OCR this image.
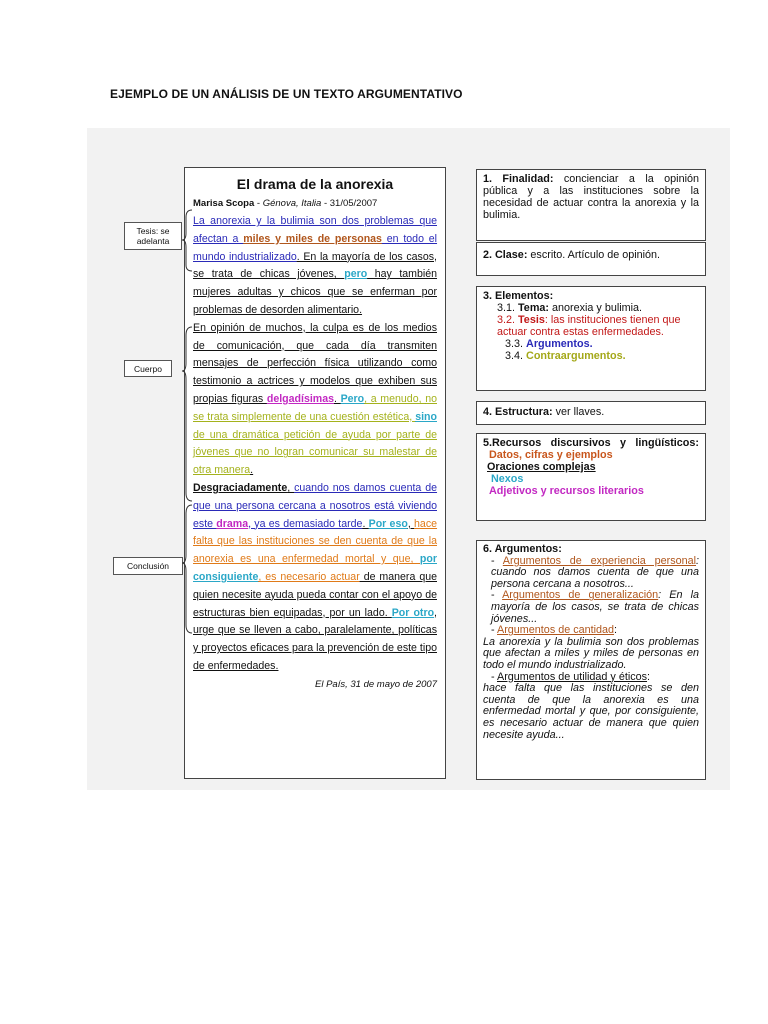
EJEMPLO DE UN ANÁLISIS DE UN TEXTO ARGUMENTATIVO
El drama de la anorexia
Marisa Scopa - Génova, Italia - 31/05/2007
La anorexia y la bulimia son dos problemas que afectan a miles y miles de personas en todo el mundo industrializado. En la mayoría de los casos, se trata de chicas jóvenes, pero hay también mujeres adultas y chicos que se enferman por problemas de desorden alimentario.
En opinión de muchos, la culpa es de los medios de comunicación, que cada día transmiten mensajes de perfección física utilizando como testimonio a actrices y modelos que exhiben sus propias figuras delgadísimas. Pero, a menudo, no se trata simplemente de una cuestión estética, sino de una dramática petición de ayuda por parte de jóvenes que no logran comunicar su malestar de otra manera.
Desgraciadamente, cuando nos damos cuenta de que una persona cercana a nosotros está viviendo este drama, ya es demasiado tarde. Por eso, hace falta que las instituciones se den cuenta de que la anorexia es una enfermedad mortal y que, por consiguiente, es necesario actuar de manera que quien necesite ayuda pueda contar con el apoyo de estructuras bien equipadas, por un lado. Por otro, urge que se lleven a cabo, paralelamente, políticas y proyectos eficaces para la prevención de este tipo de enfermedades.
El País, 31 de mayo de 2007
Tesis: se adelanta
Cuerpo
Conclusión
1. Finalidad: concienciar a la opinión pública y a las instituciones sobre la necesidad de actuar contra la anorexia y la bulimia.
2. Clase: escrito. Artículo de opinión.
3. Elementos:
3.1. Tema: anorexia y bulimia.
3.2. Tesis: las instituciones tienen que actuar contra estas enfermedades.
3.3. Argumentos.
3.4. Contraargumentos.
4. Estructura: ver llaves.
5.Recursos discursivos y lingüísticos:
Datos, cifras y ejemplos
Oraciones complejas
Nexos
Adjetivos y recursos literarios
6. Argumentos:
- Argumentos de experiencia personal: cuando nos damos cuenta de que una persona cercana a nosotros...
- Argumentos de generalización: En la mayoría de los casos, se trata de chicas jóvenes...
- Argumentos de cantidad:
La anorexia y la bulimia son dos problemas que afectan a miles y miles de personas en todo el mundo industrializado.
- Argumentos de utilidad y éticos:
hace falta que las instituciones se den cuenta de que la anorexia es una enfermedad mortal y que, por consiguiente, es necesario actuar de manera que quien necesite ayuda...
